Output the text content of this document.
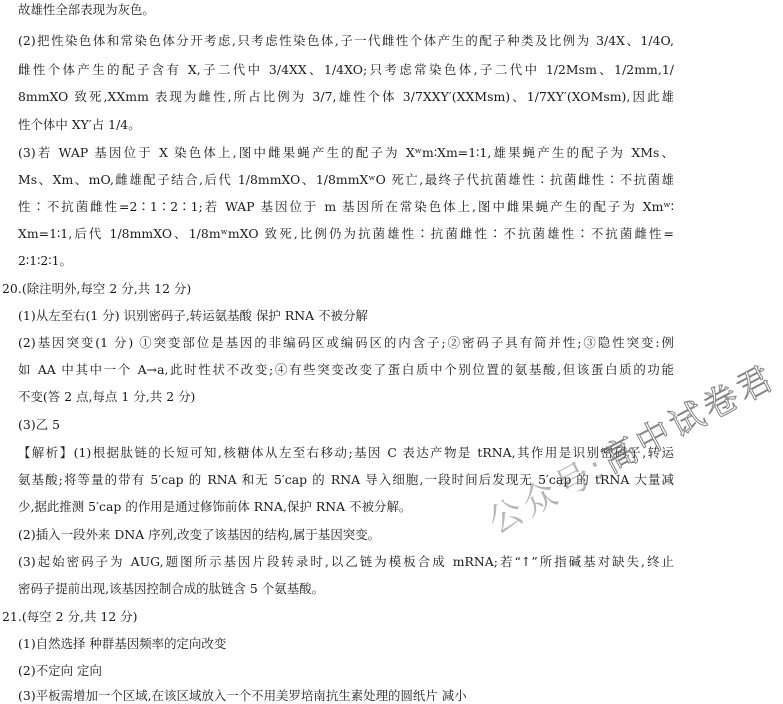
故雄性全部表现为灰色。
(2)把性染色体和常染色体分开考虑,只考虑性染色体,子一代雌性个体产生的配子种类及比例为 3/4X、1/4O,
雌性个体产生的配子含有 X,子二代中 3/4XX、1/4XO;只考虑常染色体,子二代中 1/2Msm、1/2mm,1/
8mmXO 致死,XXmm 表现为雌性,所占比例为 3/7,雄性个体 3/7XXY′(XXMsm)、1/7XY′(XOMsm),因此雄
性个体中 XY′占 1/4。
(3)若 WAP 基因位于 X 染色体上,图中雌果蝇产生的配子为 Xʷm∶Xm=1∶1,雄果蝇产生的配子为 XMs、
Ms、Xm、mO,雌雄配子结合,后代 1/8mmXO、1/8mmXʷO 死亡,最终子代抗菌雄性∶抗菌雌性∶不抗菌雄
性∶不抗菌雌性=2∶1∶2∶1;若 WAP 基因位于 m 基因所在常染色体上,图中雌果蝇产生的配子为 Xmʷ∶
Xm=1∶1,后代 1/8mmXO、1/8mʷmXO 致死,比例仍为抗菌雄性∶抗菌雌性∶不抗菌雄性∶不抗菌雌性=
2∶1∶2∶1。
20.(除注明外,每空 2 分,共 12 分)
(1)从左至右(1 分) 识别密码子,转运氨基酸 保护 RNA 不被分解
(2)基因突变(1 分) ①突变部位是基因的非编码区或编码区的内含子;②密码子具有简并性;③隐性突变:例
如 AA 中其中一个 A→a,此时性状不改变;④有些突变改变了蛋白质中个别位置的氨基酸,但该蛋白质的功能
不变(答 2 点,每点 1 分,共 2 分)
(3)乙 5
【解析】(1)根据肽链的长短可知,核糖体从左至右移动;基因 C 表达产物是 tRNA,其作用是识别密码子,转运
氨基酸;将等量的带有 5′cap 的 RNA 和无 5′cap 的 RNA 导入细胞,一段时间后发现无 5′cap 的 tRNA 大量减
少,据此推测 5′cap 的作用是通过修饰前体 RNA,保护 RNA 不被分解。
(2)插入一段外来 DNA 序列,改变了该基因的结构,属于基因突变。
(3)起始密码子为 AUG,题图所示基因片段转录时,以乙链为模板合成 mRNA;若“↑”所指碱基对缺失,终止
密码子提前出现,该基因控制合成的肽链含 5 个氨基酸。
21.(每空 2 分,共 12 分)
(1)自然选择 种群基因频率的定向改变
(2)不定向 定向
(3)平板需增加一个区域,在该区域放入一个不用美罗培南抗生素处理的圆纸片 减小
公众号:高中试卷君
